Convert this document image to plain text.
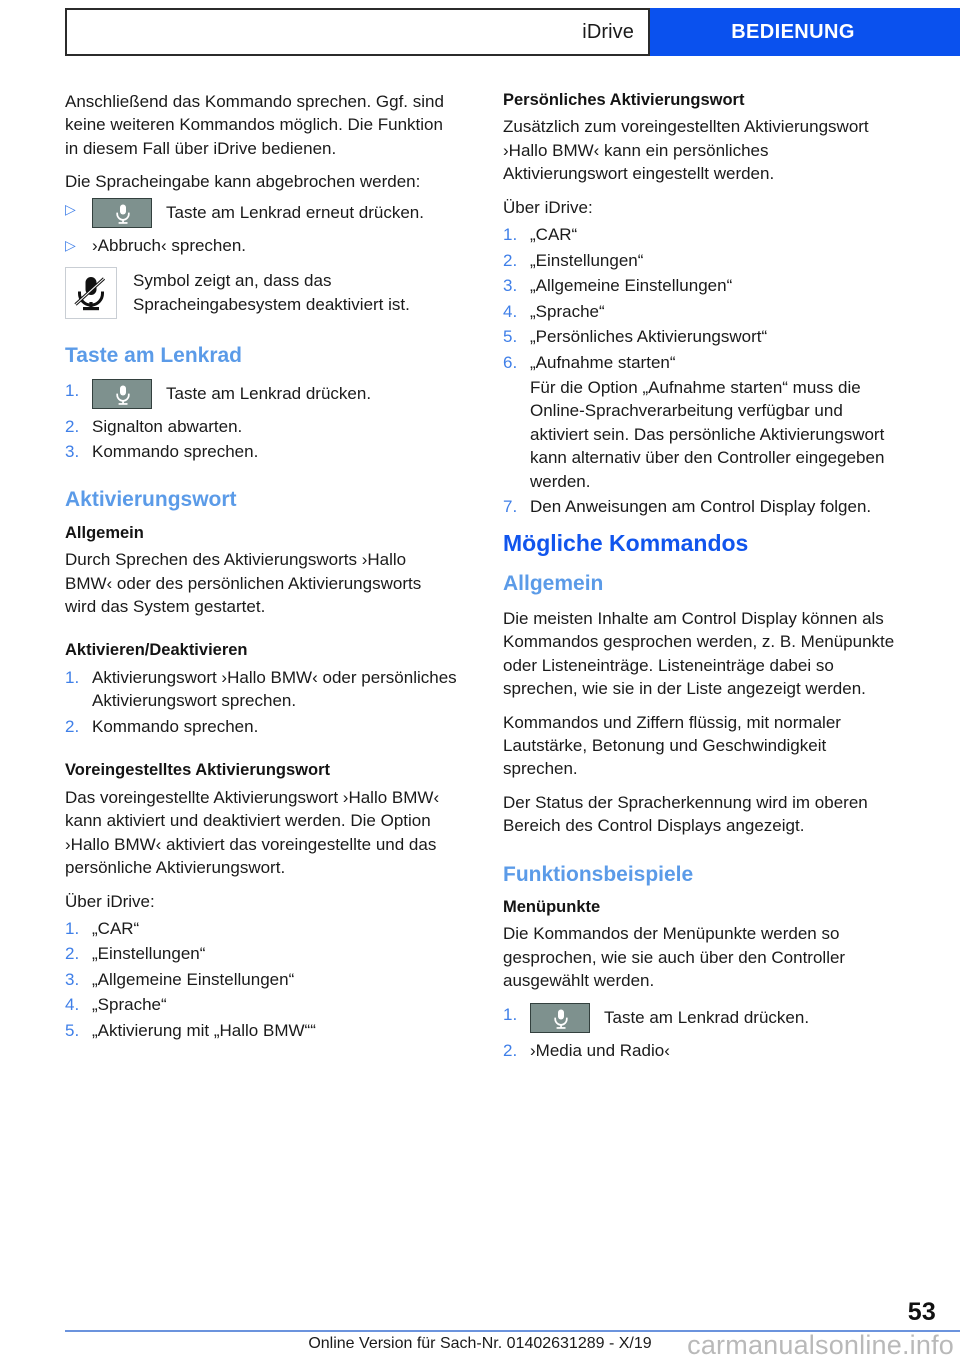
iDrive	BEDIENUNG

Anschließend das Kommando sprechen. Ggf. sind keine weiteren Kommandos möglich. Die Funktion in diesem Fall über iDrive bedienen.

Die Spracheingabe kann abgebrochen werden:

▷	Taste am Lenkrad erneut drücken.
▷ ›Abbruch‹ sprechen.
Symbol zeigt an, dass das Spracheingabesystem deaktiviert ist.
Taste am Lenkrad
1.	Taste am Lenkrad drücken.
2. Signalton abwarten.
3. Kommando sprechen.
Aktivierungswort
Allgemein

Durch Sprechen des Aktivierungsworts ›Hallo BMW‹ oder des persönlichen Aktivierungsworts wird das System gestartet.

Aktivieren/Deaktivieren
1. Aktivierungswort ›Hallo BMW‹ oder persönliches Aktivierungswort sprechen.
2. Kommando sprechen.
Voreingestelltes Aktivierungswort

Das voreingestellte Aktivierungswort ›Hallo BMW‹ kann aktiviert und deaktiviert werden. Die Option ›Hallo BMW‹ aktiviert das voreingestellte und das persönliche Aktivierungswort.

Über iDrive:

1. „CAR“
2. „Einstellungen“
3. „Allgemeine Einstellungen“
4. „Sprache“
5. „Aktivierung mit „Hallo BMW““
Persönliches Aktivierungswort

Zusätzlich zum voreingestellten Aktivierungswort ›Hallo BMW‹ kann ein persönliches Aktivierungswort eingestellt werden.

Über iDrive:

1. „CAR“
2. „Einstellungen“
3. „Allgemeine Einstellungen“
4. „Sprache“
5. „Persönliches Aktivierungswort“
6. „Aufnahme starten“
Für die Option „Aufnahme starten“ muss die Online-Sprachverarbeitung verfügbar und aktiviert sein. Das persönliche Aktivierungswort kann alternativ über den Controller eingegeben werden.
7. Den Anweisungen am Control Display folgen.
Mögliche Kommandos
Allgemein

Die meisten Inhalte am Control Display können als Kommandos gesprochen werden, z. B. Menüpunkte oder Listeneinträge. Listeneinträge dabei so sprechen, wie sie in der Liste angezeigt werden.

Kommandos und Ziffern flüssig, mit normaler Lautstärke, Betonung und Geschwindigkeit sprechen.

Der Status der Spracherkennung wird im oberen Bereich des Control Displays angezeigt.

Funktionsbeispiele
Menüpunkte

Die Kommandos der Menüpunkte werden so gesprochen, wie sie auch über den Controller ausgewählt werden.

1.	Taste am Lenkrad drücken.
2. ›Media und Radio‹
53
Online Version für Sach-Nr. 01402631289 - X/19	carmanualsonline.info
